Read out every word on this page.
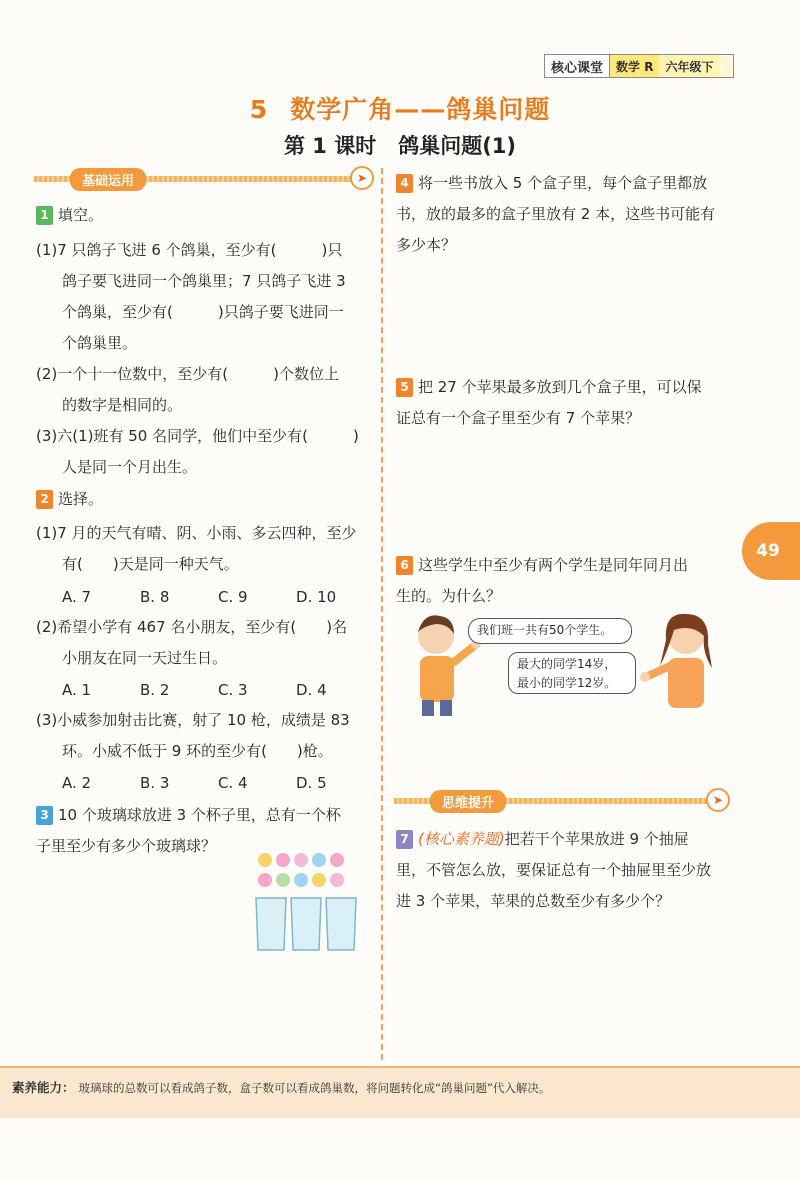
核心课堂	数学 R	六年级下
5 数学广角——鸽巢问题
第 1 课时 鸽巢问题(1)
基础运用	➤
1 填空。
(1)7 只鸽子飞进 6 个鸽巢，至少有(　　　)只
鸽子要飞进同一个鸽巢里；7 只鸽子飞进 3
个鸽巢，至少有(　　　)只鸽子要飞进同一
个鸽巢里。
(2)一个十一位数中，至少有(　　　)个数位上
的数字是相同的。
(3)六(1)班有 50 名同学，他们中至少有(　　　)
人是同一个月出生。
2 选择。
(1)7 月的天气有晴、阴、小雨、多云四种，至少
有(　　)天是同一种天气。
A. 7	B. 8	C. 9	D. 10
(2)希望小学有 467 名小朋友，至少有(　　)名
小朋友在同一天过生日。
A. 1	B. 2	C. 3	D. 4
(3)小威参加射击比赛，射了 10 枪，成绩是 83
环。小威不低于 9 环的至少有(　　)枪。
A. 2	B. 3	C. 4	D. 5
3 10 个玻璃球放进 3 个杯子里，总有一个杯
子里至少有多少个玻璃球？
4 将一些书放入 5 个盒子里，每个盒子里都放
书，放的最多的盒子里放有 2 本，这些书可能有
多少本？
5 把 27 个苹果最多放到几个盒子里，可以保
证总有一个盒子里至少有 7 个苹果？
6 这些学生中至少有两个学生是同年同月出
生的。为什么？
我们班一共有50个学生。
最大的同学14岁，
最小的同学12岁。
思维提升	➤
7 (核心素养题)把若干个苹果放进 9 个抽屉
里，不管怎么放，要保证总有一个抽屉里至少放
进 3 个苹果，苹果的总数至少有多少个？
49
素养能力： 玻璃球的总数可以看成鸽子数，盒子数可以看成鸽巢数，将问题转化成“鸽巢问题”代入解决。
